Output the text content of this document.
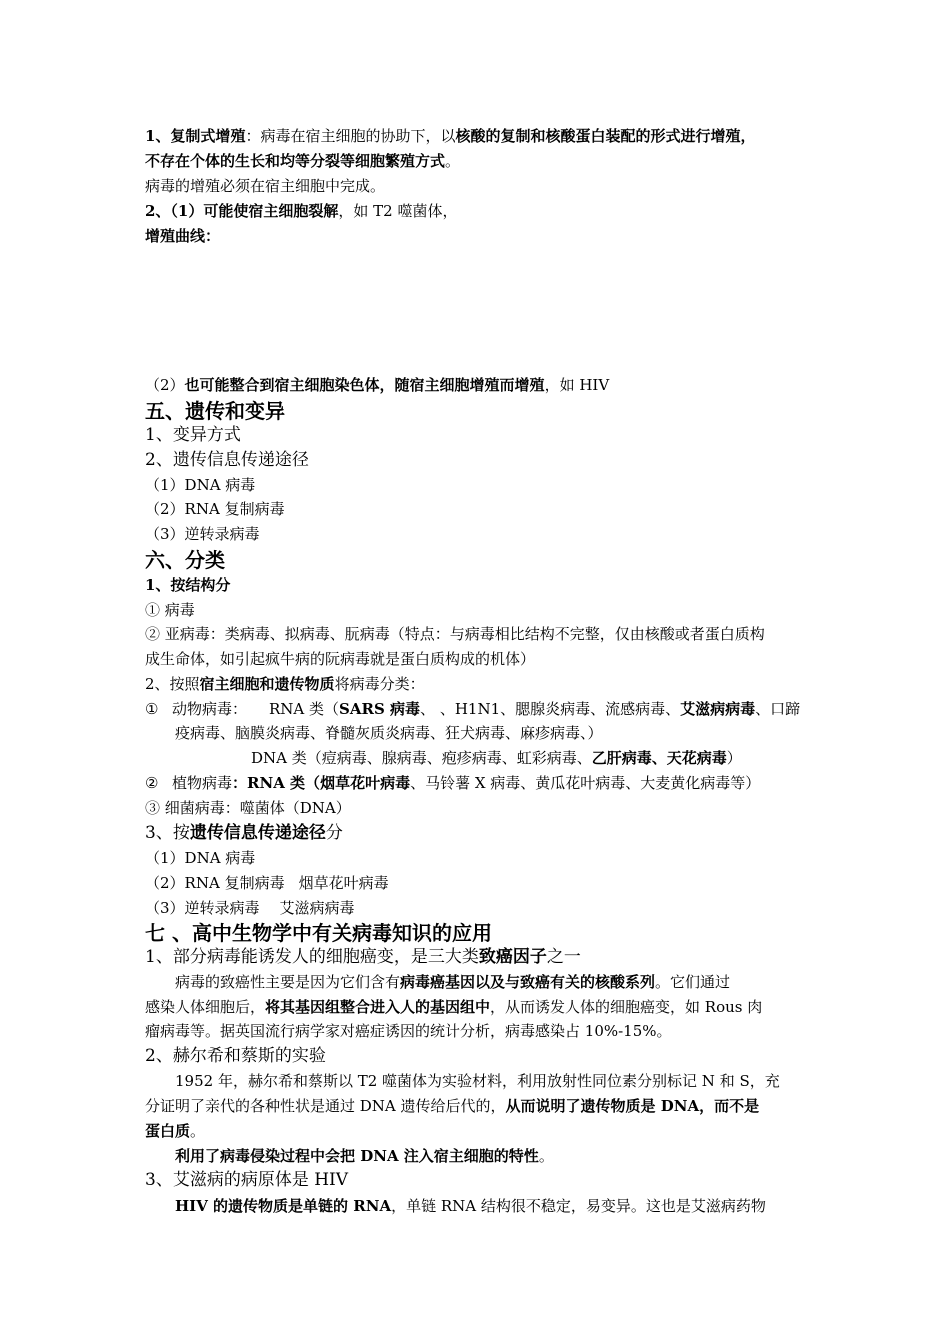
1、复制式增殖：病毒在宿主细胞的协助下，以核酸的复制和核酸蛋白装配的形式进行增殖，
不存在个体的生长和均等分裂等细胞繁殖方式。
病毒的增殖必须在宿主细胞中完成。
2、（1）可能使宿主细胞裂解，如 T2 噬菌体，
增殖曲线：
（2）也可能整合到宿主细胞染色体，随宿主细胞增殖而增殖，如 HIV
五、遗传和变异
1、变异方式
2、遗传信息传递途径
（1）DNA 病毒
（2）RNA 复制病毒
（3）逆转录病毒
六、分类
1、按结构分
① 病毒
② 亚病毒：类病毒、拟病毒、朊病毒（特点：与病毒相比结构不完整，仅由核酸或者蛋白质构
成生命体，如引起疯牛病的阮病毒就是蛋白质构成的机体）
2、按照宿主细胞和遗传物质将病毒分类：
① 动物病毒： RNA 类（SARS 病毒、 、H1N1、腮腺炎病毒、流感病毒、艾滋病病毒、口蹄
疫病毒、脑膜炎病毒、脊髓灰质炎病毒、狂犬病毒、麻疹病毒、）
DNA 类（痘病毒、腺病毒、疱疹病毒、虹彩病毒、乙肝病毒、天花病毒）
② 植物病毒：RNA 类（烟草花叶病毒、马铃薯 X 病毒、黄瓜花叶病毒、大麦黄化病毒等）
③ 细菌病毒：噬菌体（DNA）
3、按遗传信息传递途径分
（1）DNA 病毒
（2）RNA 复制病毒 烟草花叶病毒
（3）逆转录病毒 艾滋病病毒
七 、高中生物学中有关病毒知识的应用
1、部分病毒能诱发人的细胞癌变，是三大类致癌因子之一
病毒的致癌性主要是因为它们含有病毒癌基因以及与致癌有关的核酸系列。它们通过
感染人体细胞后，将其基因组整合进入人的基因组中，从而诱发人体的细胞癌变，如 Rous 肉
瘤病毒等。据英国流行病学家对癌症诱因的统计分析，病毒感染占 10%-15%。
2、赫尔希和蔡斯的实验
1952 年，赫尔希和蔡斯以 T2 噬菌体为实验材料，利用放射性同位素分别标记 N 和 S，充
分证明了亲代的各种性状是通过 DNA 遗传给后代的，从而说明了遗传物质是 DNA，而不是
蛋白质。
利用了病毒侵染过程中会把 DNA 注入宿主细胞的特性。
3、艾滋病的病原体是 HIV
HIV 的遗传物质是单链的 RNA，单链 RNA 结构很不稳定，易变异。这也是艾滋病药物
